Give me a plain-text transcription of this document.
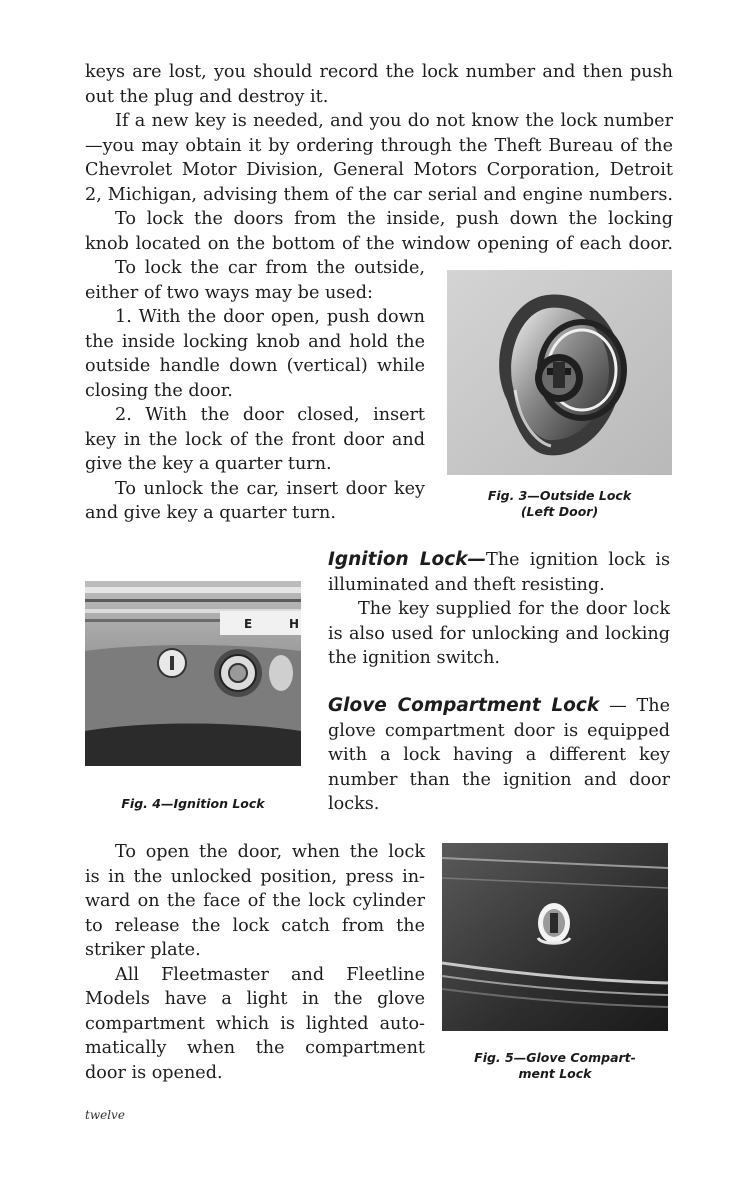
keys are lost, you should record the lock number and then push

out the plug and destroy it.

If a new key is needed, and you do not know the lock number

—you may obtain it by ordering through the Theft Bureau of the

Chevrolet Motor Division, General Motors Corporation, Detroit

2, Michigan, advising them of the car serial and engine numbers.

To lock the doors from the inside, push down the locking

knob located on the bottom of the window opening of each door.

To lock the car from the outside,

either of two ways may be used:

1. With the door open, push down

the inside locking knob and hold the

outside handle down (vertical) while

closing the door.

2. With the door closed, insert

key in the lock of the front door and

give the key a quarter turn.

To unlock the car, insert door key

and give key a quarter turn.

Fig. 3—Outside Lock

(Left Door)

E	H

Fig. 4—Ignition Lock

Ignition Lock—The ignition lock is

illuminated and theft resisting.

The key supplied for the door lock

is also used for unlocking and locking

the ignition switch.

Glove Compartment Lock — The

glove compartment door is equipped

with a lock having a different key

number than the ignition and door

locks.

To open the door, when the lock

is in the unlocked position, press in-

ward on the face of the lock cylinder

to release the lock catch from the

striker plate.

All Fleetmaster and Fleetline

Models have a light in the glove

compartment which is lighted auto-

matically when the compartment

door is opened.

Fig. 5—Glove Compart-

ment Lock

twelve
